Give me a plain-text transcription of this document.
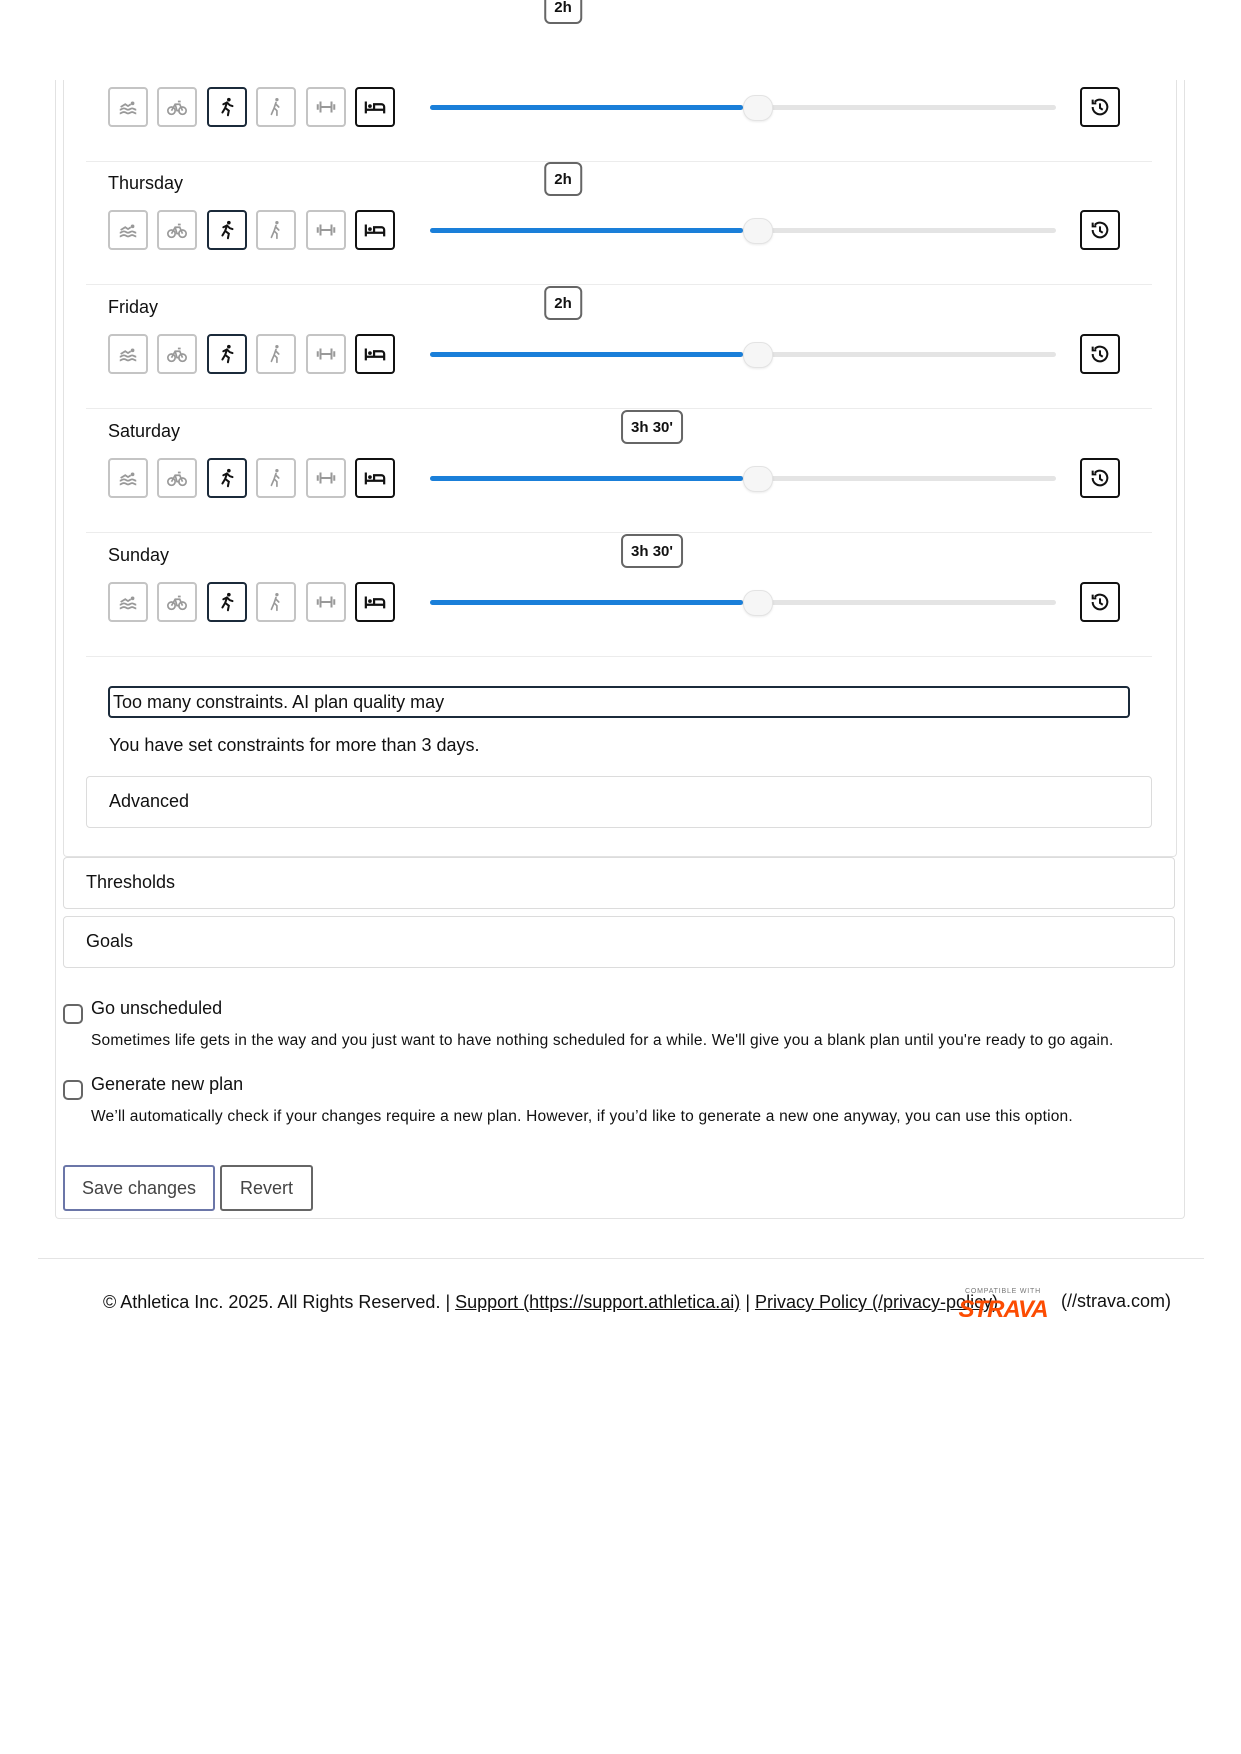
2h
Thursday	2h
Friday	2h
Saturday	3h 30'
Sunday	3h 30'
Too many constraints. AI plan quality may
You have set constraints for more than 3 days.
Advanced
Thresholds
Goals
Go unscheduled
Sometimes life gets in the way and you just want to have nothing scheduled for a while. We'll give you a blank plan until you're ready to go again.
Generate new plan
We’ll automatically check if your changes require a new plan. However, if you’d like to generate a new one anyway, you can use this option.
Save changes	Revert
© Athletica Inc. 2025. All Rights Reserved. | Support (https://support.athletica.ai) | Privacy Policy (/privacy-policy)
COMPATIBLE WITH
STRAVA (//strava.com)
